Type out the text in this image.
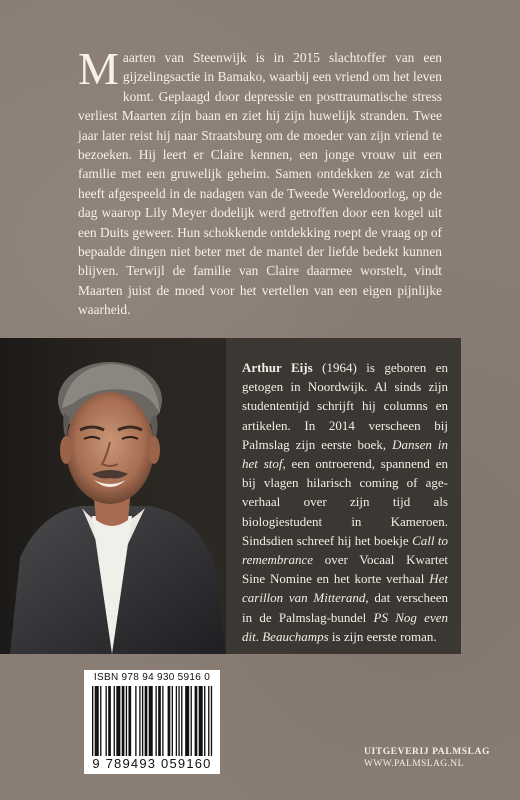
Maarten van Steenwijk is in 2015 slachtoffer van een gijzelingsactie in Bamako, waarbij een vriend om het leven komt. Geplaagd door depressie en posttraumatische stress verliest Maarten zijn baan en ziet hij zijn huwelijk stranden. Twee jaar later reist hij naar Straatsburg om de moeder van zijn vriend te bezoeken. Hij leert er Claire kennen, een jonge vrouw uit een familie met een gruwelijk geheim. Samen ontdekken ze wat zich heeft afgespeeld in de nadagen van de Tweede Wereldoorlog, op de dag waarop Lily Meyer dodelijk werd getroffen door een kogel uit een Duits geweer. Hun schokkende ontdekking roept de vraag op of bepaalde dingen niet beter met de mantel der liefde bedekt kunnen blijven. Terwijl de familie van Claire daarmee worstelt, vindt Maarten juist de moed voor het vertellen van een eigen pijnlijke waarheid.
Arthur Eijs (1964) is geboren en getogen in Noordwijk. Al sinds zijn studententijd schrijft hij columns en artikelen. In 2014 verscheen bij Palmslag zijn eerste boek, Dansen in het stof, een ontroerend, spannend en bij vlagen hilarisch coming of age-verhaal over zijn tijd als biologiestudent in Kameroen. Sindsdien schreef hij het boekje Call to remembrance over Vocaal Kwartet Sine Nomine en het korte verhaal Het carillon van Mitterand, dat verscheen in de Palmslag-bundel PS Nog even dit. Beauchamps is zijn eerste roman.
ISBN 978 94 930 5916 0
9 789493 059160
UITGEVERIJ PALMSLAG
WWW.PALMSLAG.NL
